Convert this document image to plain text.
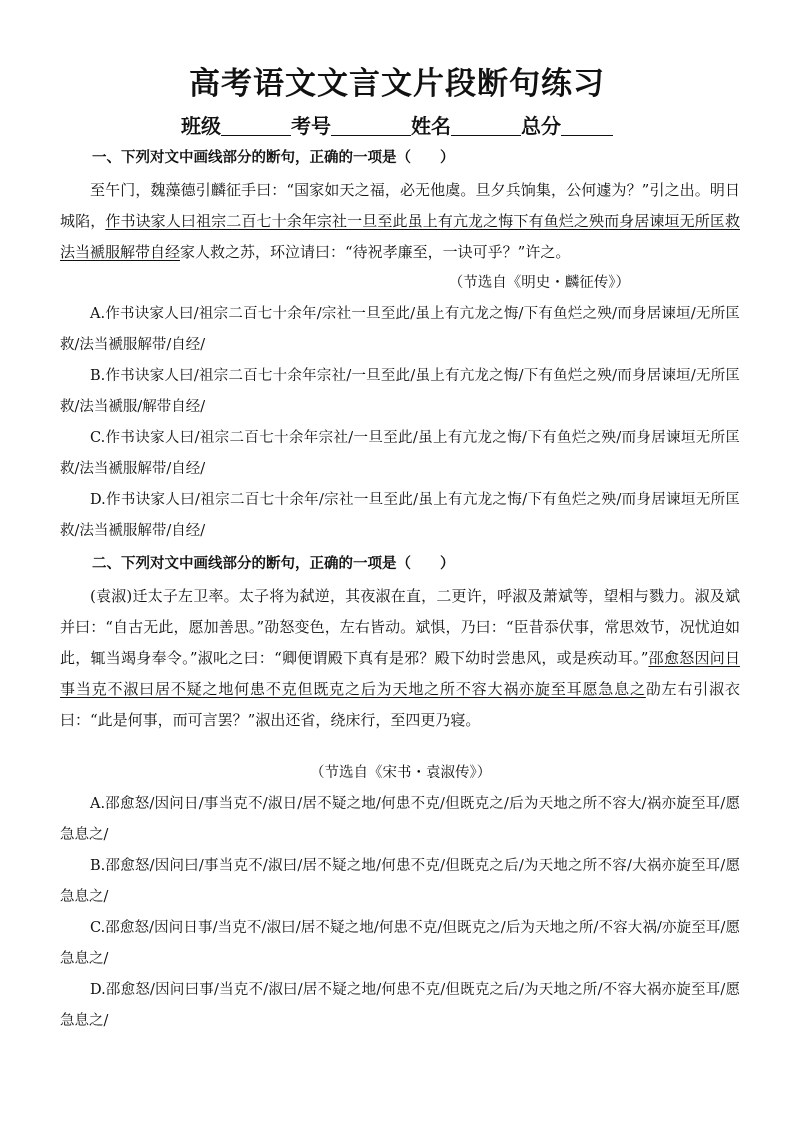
高考语文文言文片段断句练习
班级	考号	姓名	总分
一、下列对文中画线部分的断句，正确的一项是（　　）

至午门，魏藻德引麟征手曰：“国家如天之福，必无他虞。旦夕兵饷集，公何遽为？”引之出。明日城陷，作书诀家人曰祖宗二百七十余年宗社一旦至此虽上有亢龙之悔下有鱼烂之殃而身居谏垣无所匡救法当褫服解带自经家人救之苏，环泣请曰：“待祝孝廉至，一诀可乎？”许之。

（节选自《明史・麟征传》）

A.作书诀家人曰/祖宗二百七十余年/宗社一旦至此/虽上有亢龙之悔/下有鱼烂之殃/而身居谏垣/无所匡救/法当褫服解带/自经/

B.作书诀家人曰/祖宗二百七十余年宗社/一旦至此/虽上有亢龙之悔/下有鱼烂之殃/而身居谏垣/无所匡救/法当褫服/解带自经/

C.作书诀家人曰/祖宗二百七十余年宗社/一旦至此/虽上有亢龙之悔/下有鱼烂之殃/而身居谏垣无所匡救/法当褫服解带/自经/

D.作书诀家人曰/祖宗二百七十余年/宗社一旦至此/虽上有亢龙之悔/下有鱼烂之殃/而身居谏垣无所匡救/法当褫服解带/自经/

二、下列对文中画线部分的断句，正确的一项是（　　）

(袁淑)迁太子左卫率。太子将为弑逆，其夜淑在直，二更许，呼淑及萧斌等，望相与戮力。淑及斌并曰：“自古无此，愿加善思。”劭怒变色，左右皆动。斌惧，乃曰：“臣昔忝伏事，常思效节，况忧迫如此，辄当竭身奉令。”淑叱之曰：“卿便谓殿下真有是邪？殿下幼时尝患风，或是疾动耳。”邵愈怒因问日事当克不淑曰居不疑之地何患不克但既克之后为天地之所不容大祸亦旋至耳愿急息之劭左右引淑衣曰：“此是何事，而可言罢？”淑出还省，绕床行，至四更乃寝。

（节选自《宋书・袁淑传》）

A.邵愈怒/因问日/事当克不/淑日/居不疑之地/何患不克/但既克之/后为天地之所不容大/祸亦旋至耳/愿急息之/

B.邵愈怒/因问曰/事当克不/淑曰/居不疑之地/何患不克/但既克之后/为天地之所不容/大祸亦旋至耳/愿急息之/

C.邵愈怒/因问日事/当克不/淑曰/居不疑之地/何患不克/但既克之/后为天地之所/不容大祸/亦旋至耳/愿急息之/

D.邵愈怒/因问曰事/当克不/淑曰/居不疑之地/何患不克/但既克之后/为天地之所/不容大祸亦旋至耳/愿急息之/
